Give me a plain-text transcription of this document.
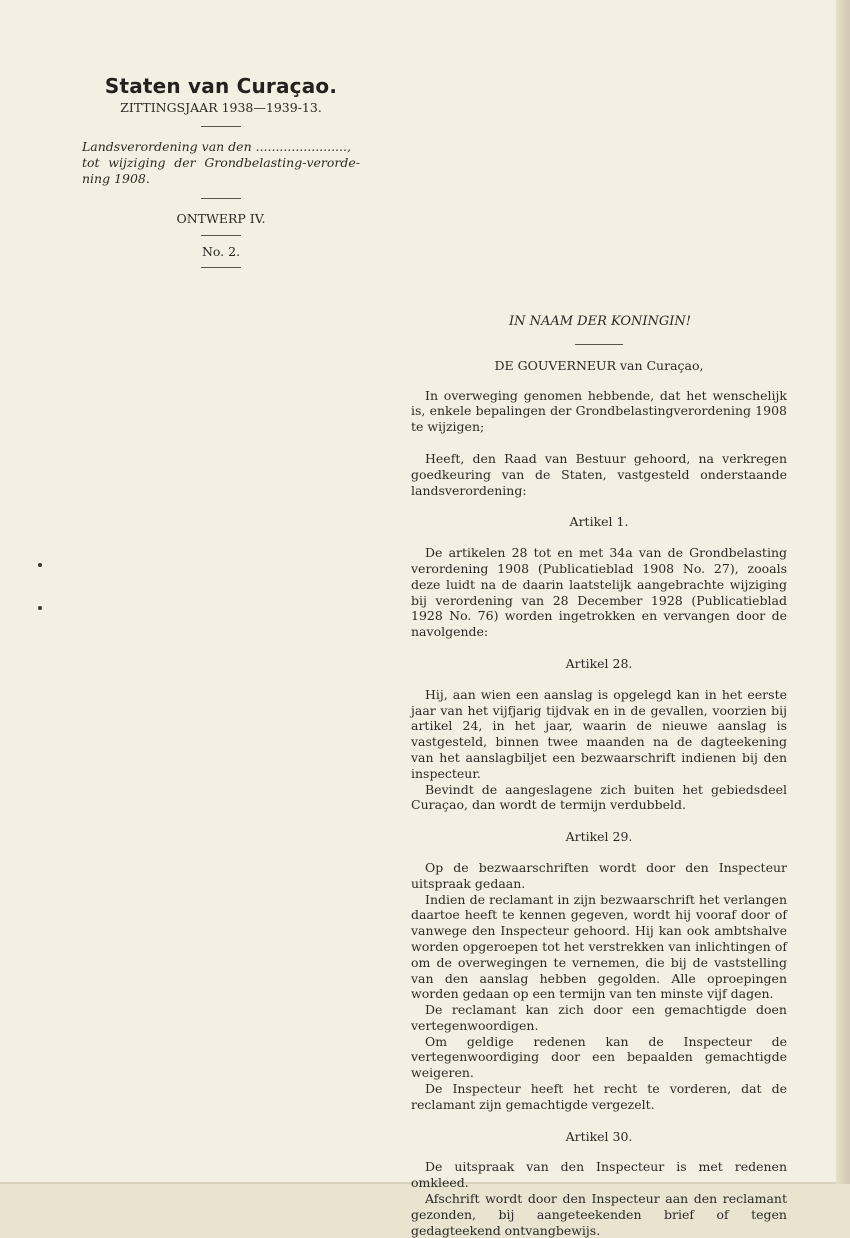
Staten van Curaçao.
ZITTINGSJAAR 1938—1939-13.
Landsverordening van den .......................,
tot wijziging der Grondbelasting-verorde-
ning 1908.
ONTWERP IV.
No. 2.
IN NAAM DER KONINGIN!
DE GOUVERNEUR van Curaçao,

In overweging genomen hebbende, dat het wenschelijk is, enkele bepalingen der Grondbelastingverordening 1908 te wijzigen;

Heeft, den Raad van Bestuur gehoord, na verkregen goedkeuring van de Staten, vastgesteld onderstaande landsverordening:

Artikel 1.

De artikelen 28 tot en met 34a van de Grondbelasting verordening 1908 (Publicatieblad 1908 No. 27), zooals deze luidt na de daarin laatstelijk aangebrachte wijziging bij verordening van 28 December 1928 (Publicatieblad 1928 No. 76) worden ingetrokken en vervangen door de navolgende:

Artikel 28.

Hij, aan wien een aanslag is opgelegd kan in het eerste jaar van het vijfjarig tijdvak en in de gevallen, voorzien bij artikel 24, in het jaar, waarin de nieuwe aanslag is vastgesteld, binnen twee maanden na de dagteekening van het aanslagbiljet een bezwaarschrift indienen bij den inspecteur.

Bevindt de aangeslagene zich buiten het gebiedsdeel Curaçao, dan wordt de termijn verdubbeld.

Artikel 29.

Op de bezwaarschriften wordt door den Inspecteur uitspraak gedaan.

Indien de reclamant in zijn bezwaarschrift het verlangen daartoe heeft te kennen gegeven, wordt hij vooraf door of vanwege den Inspecteur gehoord. Hij kan ook ambtshalve worden opgeroepen tot het verstrekken van inlichtingen of om de overwegingen te vernemen, die bij de vaststelling van den aanslag hebben gegolden. Alle oproepingen worden gedaan op een termijn van ten minste vijf dagen.

De reclamant kan zich door een gemachtigde doen vertegenwoordigen.

Om geldige redenen kan de Inspecteur de vertegenwoordiging door een bepaalden gemachtigde weigeren.

De Inspecteur heeft het recht te vorderen, dat de reclamant zijn gemachtigde vergezelt.

Artikel 30.

De uitspraak van den Inspecteur is met redenen omkleed.

Afschrift wordt door den Inspecteur aan den reclamant gezonden, bij aangeteekenden brief of tegen gedagteekend ontvangbewijs.
